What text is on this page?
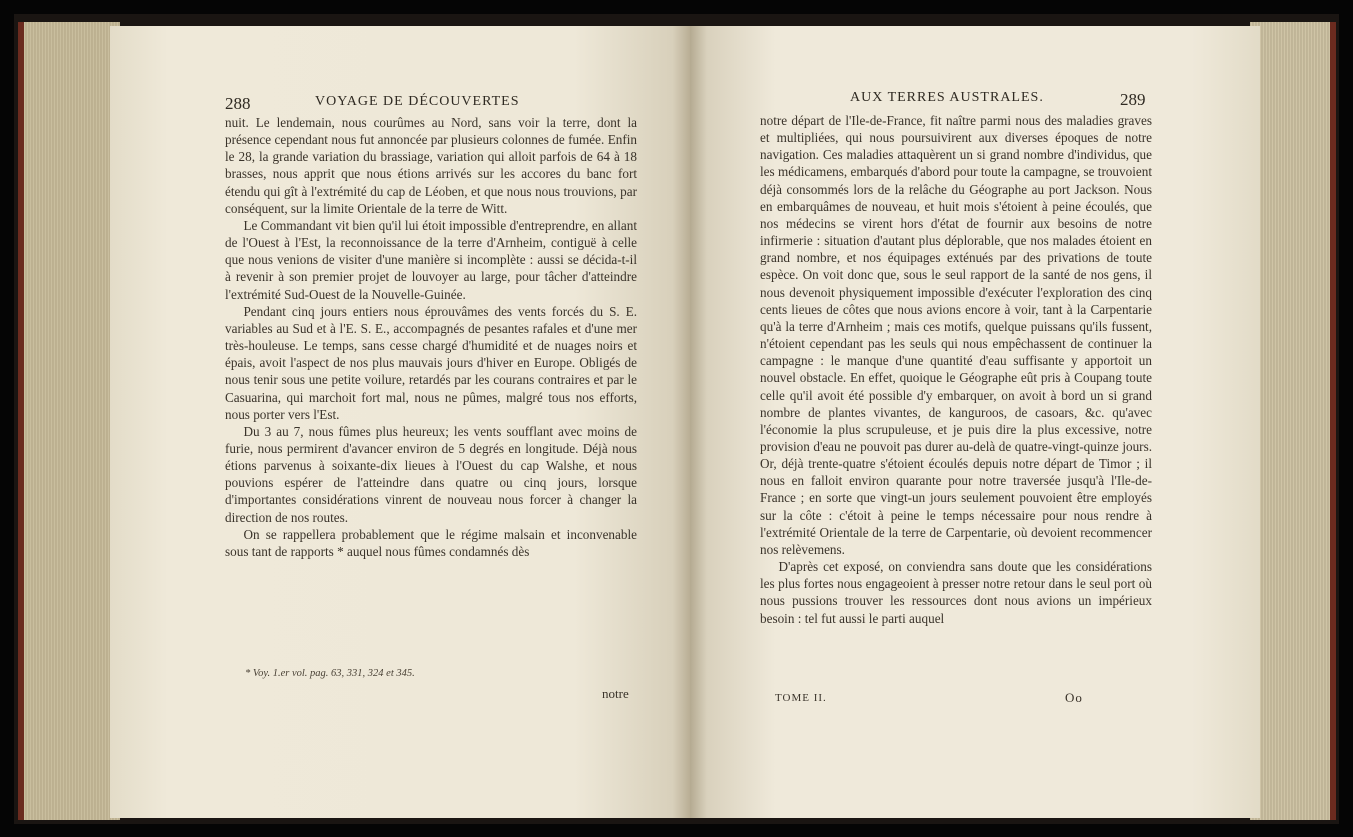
288	VOYAGE DE DÉCOUVERTES

nuit. Le lendemain, nous courûmes au Nord, sans voir la terre, dont la présence cependant nous fut annoncée par plusieurs colonnes de fumée. Enfin le 28, la grande variation du brassiage, variation qui alloit parfois de 64 à 18 brasses, nous apprit que nous étions arrivés sur les accores du banc fort étendu qui gît à l'extrémité du cap de Léoben, et que nous nous trouvions, par conséquent, sur la limite Orientale de la terre de Witt.

Le Commandant vit bien qu'il lui étoit impossible d'entreprendre, en allant de l'Ouest à l'Est, la reconnoissance de la terre d'Arnheim, contiguë à celle que nous venions de visiter d'une manière si incomplète : aussi se décida-t-il à revenir à son premier projet de louvoyer au large, pour tâcher d'atteindre l'extrémité Sud-Ouest de la Nouvelle-Guinée.

Pendant cinq jours entiers nous éprouvâmes des vents forcés du S. E. variables au Sud et à l'E. S. E., accompagnés de pesantes rafales et d'une mer très-houleuse. Le temps, sans cesse chargé d'humidité et de nuages noirs et épais, avoit l'aspect de nos plus mauvais jours d'hiver en Europe. Obligés de nous tenir sous une petite voilure, retardés par les courans contraires et par le Casuarina, qui marchoit fort mal, nous ne pûmes, malgré tous nos efforts, nous porter vers l'Est.

Du 3 au 7, nous fûmes plus heureux; les vents soufflant avec moins de furie, nous permirent d'avancer environ de 5 degrés en longitude. Déjà nous étions parvenus à soixante-dix lieues à l'Ouest du cap Walshe, et nous pouvions espérer de l'atteindre dans quatre ou cinq jours, lorsque d'importantes considérations vinrent de nouveau nous forcer à changer la direction de nos routes.

On se rappellera probablement que le régime malsain et inconvenable sous tant de rapports * auquel nous fûmes condamnés dès

* Voy. 1.er vol. pag. 63, 331, 324 et 345.
notre
AUX TERRES AUSTRALES.	289

notre départ de l'Ile-de-France, fit naître parmi nous des maladies graves et multipliées, qui nous poursuivirent aux diverses époques de notre navigation. Ces maladies attaquèrent un si grand nombre d'individus, que les médicamens, embarqués d'abord pour toute la campagne, se trouvoient déjà consommés lors de la relâche du Géographe au port Jackson. Nous en embarquâmes de nouveau, et huit mois s'étoient à peine écoulés, que nos médecins se virent hors d'état de fournir aux besoins de notre infirmerie : situation d'autant plus déplorable, que nos malades étoient en grand nombre, et nos équipages exténués par des privations de toute espèce. On voit donc que, sous le seul rapport de la santé de nos gens, il nous devenoit physiquement impossible d'exécuter l'exploration des cinq cents lieues de côtes que nous avions encore à voir, tant à la Carpentarie qu'à la terre d'Arnheim ; mais ces motifs, quelque puissans qu'ils fussent, n'étoient cependant pas les seuls qui nous empêchassent de continuer la campagne : le manque d'une quantité d'eau suffisante y apportoit un nouvel obstacle. En effet, quoique le Géographe eût pris à Coupang toute celle qu'il avoit été possible d'y embarquer, on avoit à bord un si grand nombre de plantes vivantes, de kanguroos, de casoars, &c. qu'avec l'économie la plus scrupuleuse, et je puis dire la plus excessive, notre provision d'eau ne pouvoit pas durer au-delà de quatre-vingt-quinze jours. Or, déjà trente-quatre s'étoient écoulés depuis notre départ de Timor ; il nous en falloit environ quarante pour notre traversée jusqu'à l'Ile-de-France ; en sorte que vingt-un jours seulement pouvoient être employés sur la côte : c'étoit à peine le temps nécessaire pour nous rendre à l'extrémité Orientale de la terre de Carpentarie, où devoient recommencer nos relèvemens.

D'après cet exposé, on conviendra sans doute que les considérations les plus fortes nous engageoient à presser notre retour dans le seul port où nous pussions trouver les ressources dont nous avions un impérieux besoin : tel fut aussi le parti auquel

TOME II.	Oo
